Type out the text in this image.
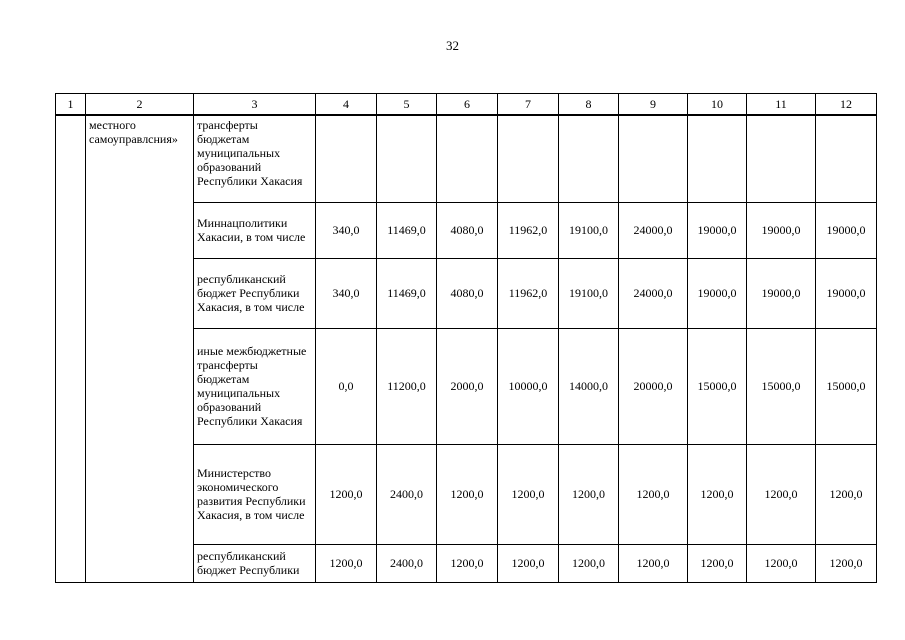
32
1	2	3	4	5	6	7	8	9	10	11	12
	местного самоуправлсния»	трансферты бюджетам муниципальных образований Республики Хакасия									
		Миннацполитики Хакасии, в том числе	340,0	11469,0	4080,0	11962,0	19100,0	24000,0	19000,0	19000,0	19000,0
		республиканский бюджет Республики Хакасия, в том числе	340,0	11469,0	4080,0	11962,0	19100,0	24000,0	19000,0	19000,0	19000,0
		иные межбюджетные трансферты бюджетам муниципальных образований Республики Хакасия	0,0	11200,0	2000,0	10000,0	14000,0	20000,0	15000,0	15000,0	15000,0
		Министерство экономического развития Республики Хакасия, в том числе	1200,0	2400,0	1200,0	1200,0	1200,0	1200,0	1200,0	1200,0	1200,0
		республиканский бюджет Республики	1200,0	2400,0	1200,0	1200,0	1200,0	1200,0	1200,0	1200,0	1200,0
